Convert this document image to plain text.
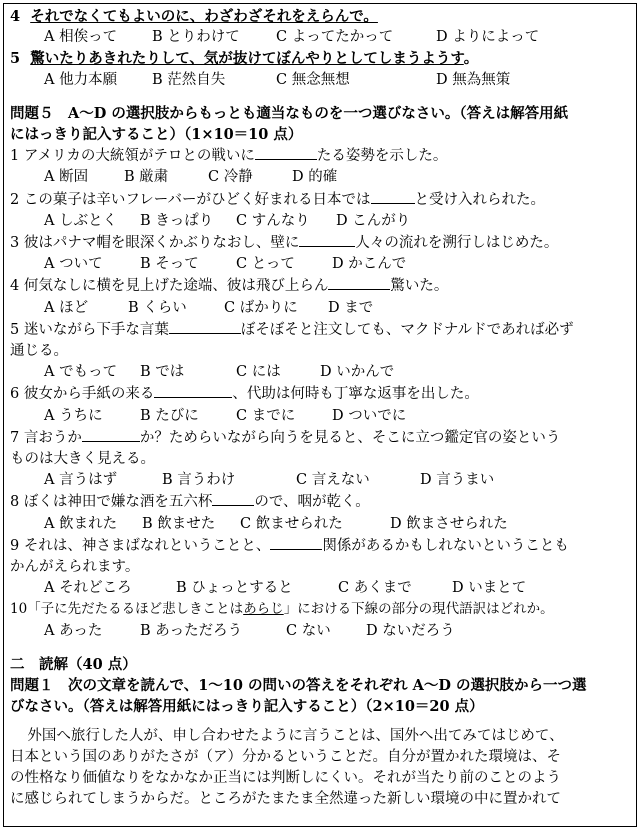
4 それでなくてもよいのに、わざわざそれをえらんで。
A 相俟って B とりわけて C よってたかって	D よりによって
5 驚いたりあきれたりして、気が抜けてぼんやりとしてしまうようす。
A 他力本願 B 茫然自失	C 無念無想	D 無為無策
問題５　A～D の選択肢からもっとも適当なものを一つ選びなさい。（答えは解答用紙
にはっきり記入すること）（1×10＝10 点）
1 アメリカの大統領がテロとの戦いに	たる姿勢を示した。
A 断固 B 厳粛	C 冷静	D 的確
2 この菓子は辛いフレーバーがひどく好まれる日本では	と受け入れられた。
A しぶとく B きっぱり C すんなり D こんがり
3 彼はパナマ帽を眼深くかぶりなおし、壁に	人々の流れを溯行しはじめた。
A ついて	B そって	C とって	D かこんで
4 何気なしに横を見上げた途端、彼は飛び上らん	驚いた。
A ほど	B くらい	C ばかりに D まで
5 迷いながら下手な言葉	ぼそぼそと注文しても、マクドナルドであれば必ず
通じる。
A でもって B では	C には	D いかんで
6 彼女から手紙の来る	、代助は何時も丁寧な返事を出した。
A うちに	B たびに	C までに	D ついでに
7 言おうか	か？ためらいながら向うを見ると、そこに立つ鑑定官の姿という
ものは大きく見える。
A 言うはず	B 言うわけ	C 言えない	D 言うまい
8 ぼくは神田で嫌な酒を五六杯	ので、咽が乾く。
A 飲まれた B 飲ませた C 飲ませられた	D 飲まさせられた
9 それは、神さまばなれということと、	関係があるかもしれないということも
かんがえられます。
A それどころ	B ひょっとすると	C あくまで	D いまとて
10「子に先だたるるほど悲しきことはあらじ」における下線の部分の現代語訳はどれか。
A あった	B あっただろう	C ない D ないだろう
二　読解（40 点）
問題１　次の文章を読んで、1～10 の問いの答えをそれぞれ A～D の選択肢から一つ選
びなさい。（答えは解答用紙にはっきり記入すること）（2×10＝20 点）
外国へ旅行した人が、申し合わせたように言うことは、国外へ出てみてはじめて、
日本という国のありがたさが（ア）分かるということだ。自分が置かれた環境は、そ
の性格なり価値なりをなかなか正当には判断しにくい。それが当たり前のことのよう
に感じられてしまうからだ。ところがたまたま全然違った新しい環境の中に置かれて
